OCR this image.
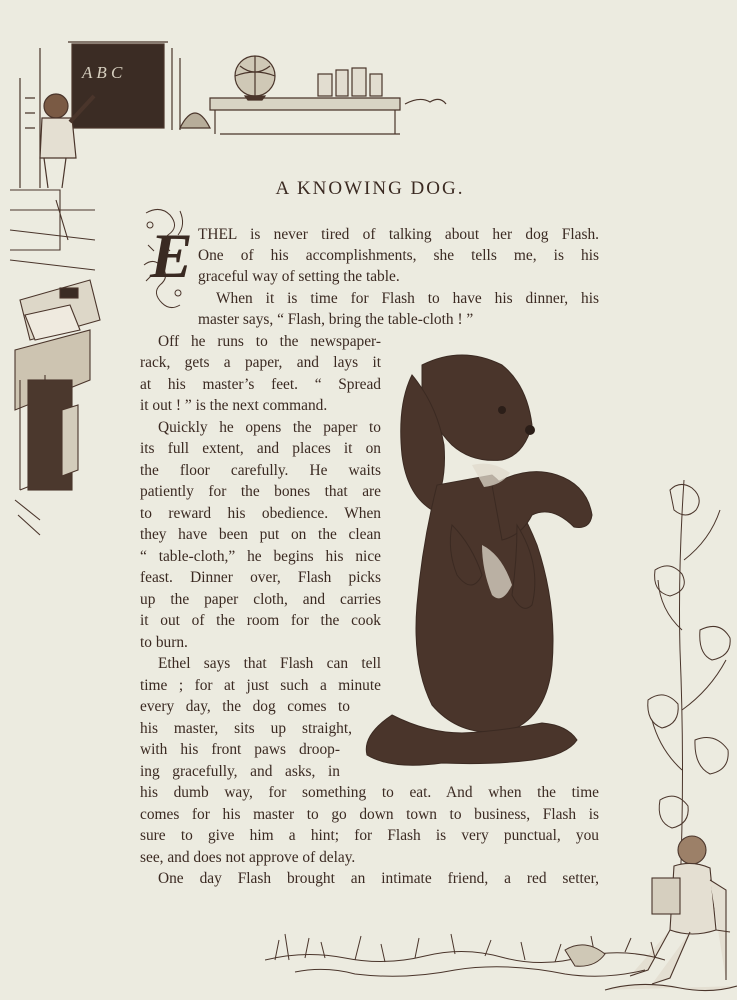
A B C
A KNOWING DOG.
E THEL is never tired of talking about her dog Flash.
One of his accomplishments, she tells me, is his
graceful way of setting the table.
When it is time for Flash to have his dinner, his
master says, “ Flash, bring the table-cloth ! ”
Off he runs to the newspaper-
rack, gets a paper, and lays it
at his master’s feet. “ Spread
it out ! ” is the next command.
Quickly he opens the paper to
its full extent, and places it on
the floor carefully. He waits
patiently for the bones that are
to reward his obedience. When
they have been put on the clean
“ table-cloth,” he begins his nice
feast. Dinner over, Flash picks
up the paper cloth, and carries
it out of the room for the cook
to burn.
Ethel says that Flash can tell
time ; for at just such a minute
every day, the dog comes to
his master, sits up straight,
with his front paws droop-
ing gracefully, and asks, in
his dumb way, for something to eat. And when the time
comes for his master to go down town to business, Flash is
sure to give him a hint; for Flash is very punctual, you
see, and does not approve of delay.
One day Flash brought an intimate friend, a red setter,
